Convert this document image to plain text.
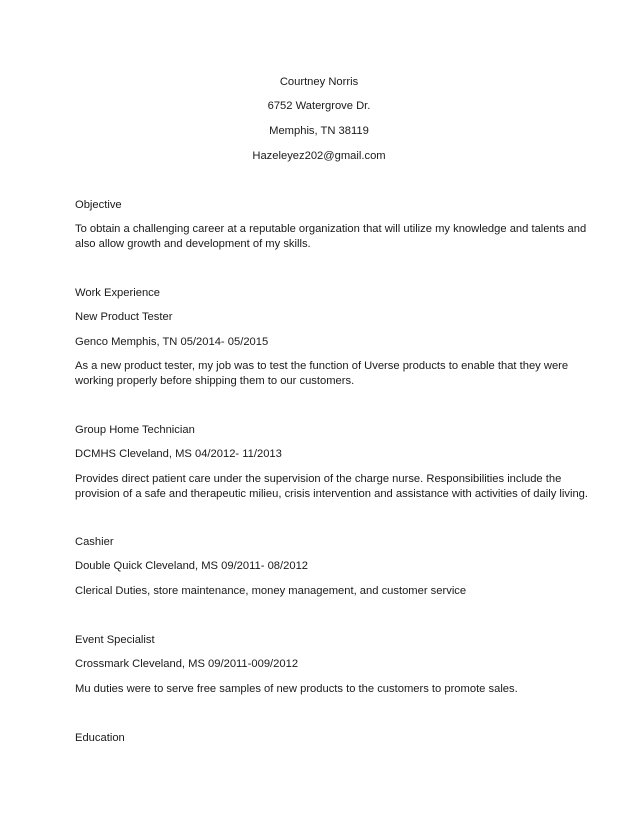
Courtney Norris

6752 Watergrove Dr.

Memphis, TN 38119

Hazeleyez202@gmail.com

Objective

To obtain a challenging career at a reputable organization that will utilize my knowledge and talents and

also allow growth and development of my skills.

Work Experience

New Product Tester

Genco Memphis, TN 05/2014- 05/2015

As a new product tester, my job was to test the function of Uverse products to enable that they were

working properly before shipping them to our customers.

Group Home Technician

DCMHS Cleveland, MS 04/2012- 11/2013

Provides direct patient care under the supervision of the charge nurse. Responsibilities include the

provision of a safe and therapeutic milieu, crisis intervention and assistance with activities of daily living.

Cashier

Double Quick Cleveland, MS 09/2011- 08/2012

Clerical Duties, store maintenance, money management, and customer service

Event Specialist

Crossmark Cleveland, MS 09/2011-009/2012

Mu duties were to serve free samples of new products to the customers to promote sales.

Education
